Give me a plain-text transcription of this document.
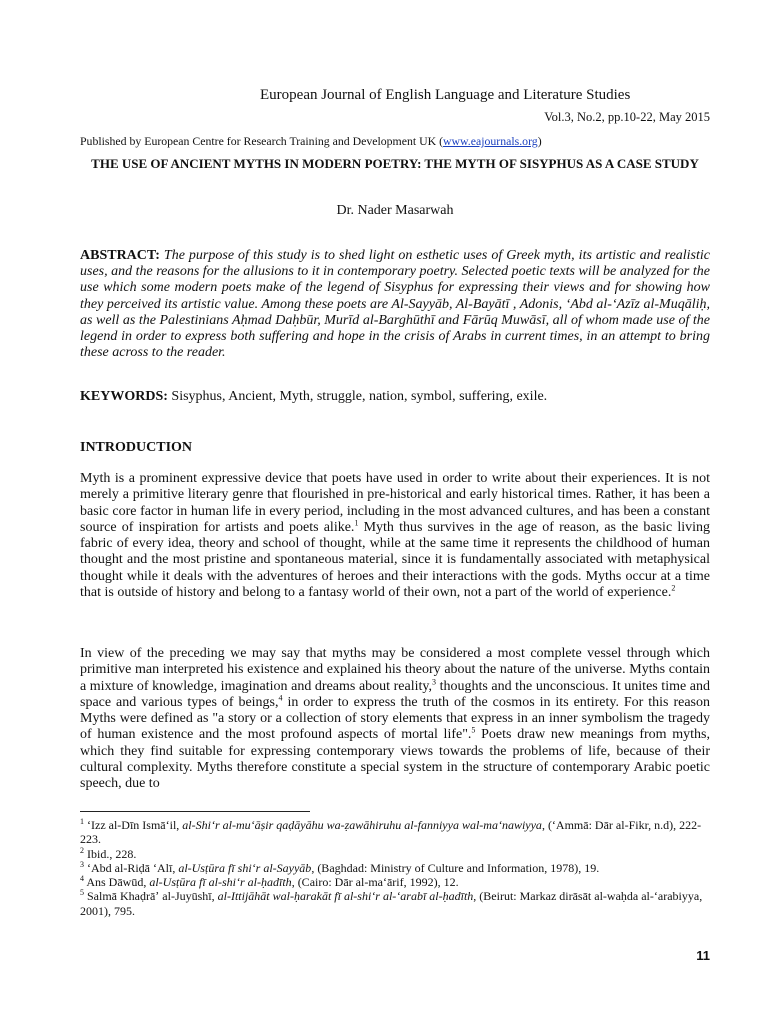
European Journal of English Language and Literature Studies
Vol.3, No.2, pp.10-22, May 2015
Published by European Centre for Research Training and Development UK (www.eajournals.org)
THE USE OF ANCIENT MYTHS IN MODERN POETRY: THE MYTH OF SISYPHUS AS A CASE STUDY
Dr. Nader Masarwah
ABSTRACT: The purpose of this study is to shed light on esthetic uses of Greek myth, its artistic and realistic uses, and the reasons for the allusions to it in contemporary poetry. Selected poetic texts will be analyzed for the use which some modern poets make of the legend of Sisyphus for expressing their views and for showing how they perceived its artistic value. Among these poets are Al-Sayyāb, Al-Bayātī , Adonis, ʻAbd al-ʻAzīz al-Muqāliḥ, as well as the Palestinians Aḥmad Daḥbūr, Murīd al-Barghūthī and Fārūq Muwāsī, all of whom made use of the legend in order to express both suffering and hope in the crisis of Arabs in current times, in an attempt to bring these across to the reader.
KEYWORDS: Sisyphus, Ancient, Myth, struggle, nation, symbol, suffering, exile.
INTRODUCTION

Myth is a prominent expressive device that poets have used in order to write about their experiences. It is not merely a primitive literary genre that flourished in pre-historical and early historical times. Rather, it has been a basic core factor in human life in every period, including in the most advanced cultures, and has been a constant source of inspiration for artists and poets alike.$^1$ Myth thus survives in the age of reason, as the basic living fabric of every idea, theory and school of thought, while at the same time it represents the childhood of human thought and the most pristine and spontaneous material, since it is fundamentally associated with metaphysical thought while it deals with the adventures of heroes and their interactions with the gods. Myths occur at a time that is outside of history and belong to a fantasy world of their own, not a part of the world of experience.$^2$

In view of the preceding we may say that myths may be considered a most complete vessel through which primitive man interpreted his existence and explained his theory about the nature of the universe. Myths contain a mixture of knowledge, imagination and dreams about reality,$^3$ thoughts and the unconscious. It unites time and space and various types of beings,$^4$ in order to express the truth of the cosmos in its entirety. For this reason Myths were defined as "a story or a collection of story elements that express in an inner symbolism the tragedy of human existence and the most profound aspects of mortal life".$^5$ Poets draw new meanings from myths, which they find suitable for expressing contemporary views towards the problems of life, because of their cultural complexity. Myths therefore constitute a special system in the structure of contemporary Arabic poetic speech, due to

$^1$ ʻIzz al-Dīn Ismāʻil, al-Shiʻr al-muʻāṣir qaḍāyāhu wa-ẓawāhiruhu al-fanniyya wal-maʻnawiyya, (ʻAmmā: Dār al-Fikr, n.d), 222-223.

$^2$ Ibid., 228.

$^3$ ʻAbd al-Riḍā ʻAlī, al-Usṭūra fī shiʻr al-Sayyāb, (Baghdad: Ministry of Culture and Information, 1978), 19.

$^4$ Ans Dāwūd, al-Usṭūra fī al-shiʻr al-ḥadīth, (Cairo: Dār al-maʻārif, 1992), 12.

$^5$ Salmā Khaḍrāʼ al-Juyūshī, al-Ittijāhāt wal-ḥarakāt fī al-shiʻr al-ʻarabī al-ḥadīth, (Beirut: Markaz dirāsāt al-waḥda al-ʻarabiyya, 2001), 795.

11
